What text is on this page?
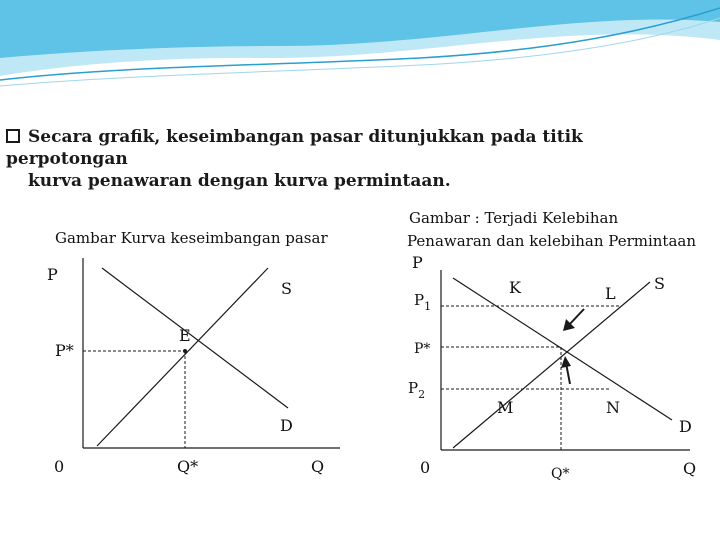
Gambar Kurva keseimbangan pasar
P
S
E
P*
D
0	Q*	Q
Gambar : Terjadi Kelebihan
Penawaran dan kelebihan Permintaan
P
K	L
S
$P_1$
P*
$P_2$
M	N
D
0	Q*	Q
Secara grafik, keseimbangan pasar ditunjukkan pada titik perpotongan
kurva penawaran dengan kurva permintaan.
